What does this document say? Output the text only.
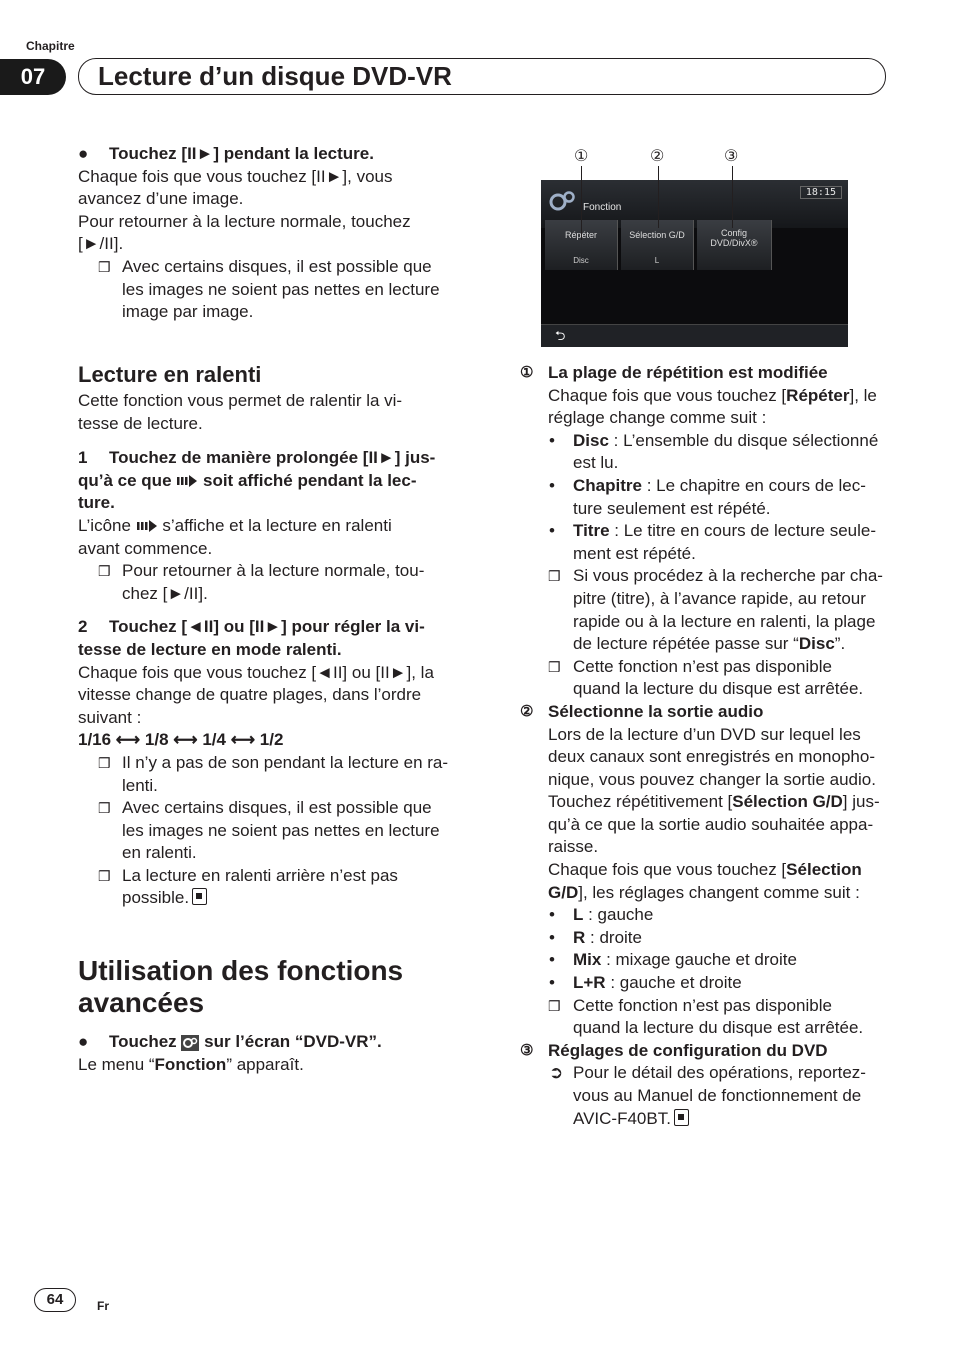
Chapitre
07	Lecture d’un disque DVD-VR

● Touchez [II►] pendant la lecture.

Chaque fois que vous touchez [II►], vous

avancez d’une image.

Pour retourner à la lecture normale, touchez

[►/II].

❒ Avec certains disques, il est possible que

les images ne soient pas nettes en lecture

image par image.

Lecture en ralenti

Cette fonction vous permet de ralentir la vi-

tesse de lecture.

1 Touchez de manière prolongée [II►] jus-

qu’à ce que soit affiché pendant la lec-

ture.

L’icône s’affiche et la lecture en ralenti

avant commence.

❒ Pour retourner à la lecture normale, tou-

chez [►/II].

2 Touchez [◄II] ou [II►] pour régler la vi-

tesse de lecture en mode ralenti.

Chaque fois que vous touchez [◄II] ou [II►], la

vitesse change de quatre plages, dans l’ordre

suivant :

1/16 ⟷ 1/8 ⟷ 1/4 ⟷ 1/2

❒ Il n’y a pas de son pendant la lecture en ra-

lenti.

❒ Avec certains disques, il est possible que

les images ne soient pas nettes en lecture

en ralenti.

❒ La lecture en ralenti arrière n’est pas

possible.

Utilisation des fonctions

avancées

● Touchez sur l’écran “DVD-VR”.

Le menu “Fonction” apparaît.

①	②	③
Fonction
18:15
Répéter
Disc
Sélection G/D
L
Config DVD/DivX®
⮌

① La plage de répétition est modifiée

Chaque fois que vous touchez [Répéter], le

réglage change comme suit :

• Disc : L’ensemble du disque sélectionné

est lu.

• Chapitre : Le chapitre en cours de lec-

ture seulement est répété.

• Titre : Le titre en cours de lecture seule-

ment est répété.

❒ Si vous procédez à la recherche par cha-

pitre (titre), à l’avance rapide, au retour

rapide ou à la lecture en ralenti, la plage

de lecture répétée passe sur “Disc”.

❒ Cette fonction n’est pas disponible

quand la lecture du disque est arrêtée.

② Sélectionne la sortie audio

Lors de la lecture d’un DVD sur lequel les

deux canaux sont enregistrés en monopho-

nique, vous pouvez changer la sortie audio.

Touchez répétitivement [Sélection G/D] jus-

qu’à ce que la sortie audio souhaitée appa-

raisse.

Chaque fois que vous touchez [Sélection

G/D], les réglages changent comme suit :

• L : gauche

• R : droite

• Mix : mixage gauche et droite

• L+R : gauche et droite

❒ Cette fonction n’est pas disponible

quand la lecture du disque est arrêtée.

③ Réglages de configuration du DVD

➲ Pour le détail des opérations, reportez-

vous au Manuel de fonctionnement de

AVIC-F40BT.

64	Fr
